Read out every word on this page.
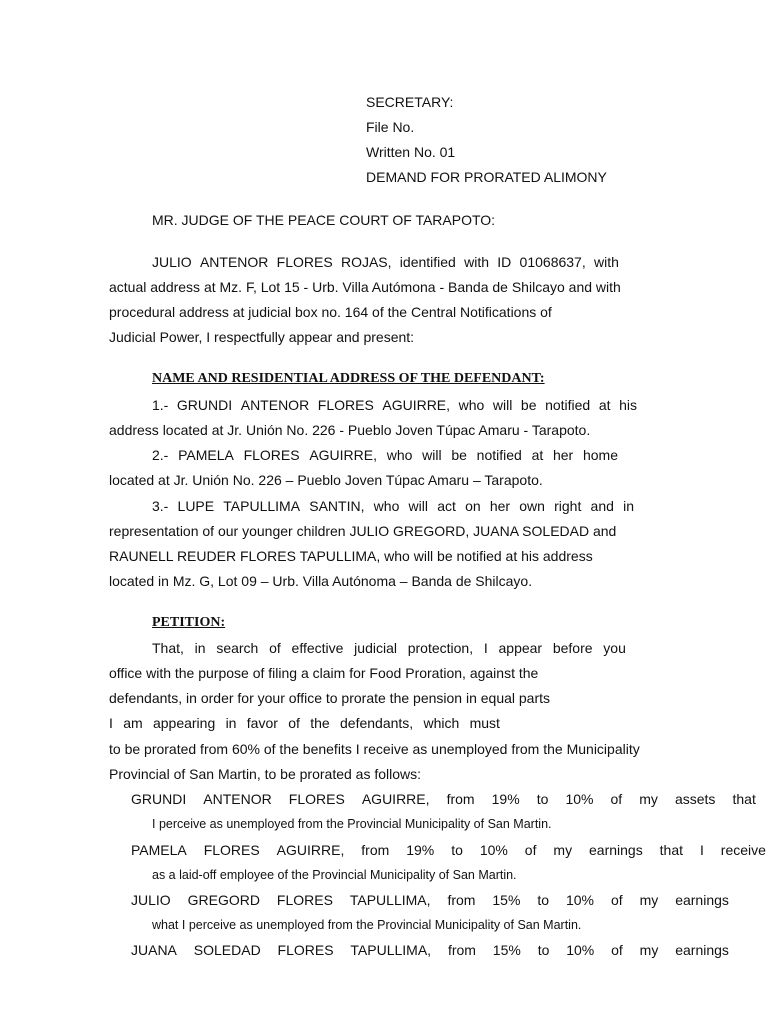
SECRETARY:
File No.
Written No. 01
DEMAND FOR PRORATED ALIMONY
MR. JUDGE OF THE PEACE COURT OF TARAPOTO:
JULIO ANTENOR FLORES ROJAS, identified with ID 01068637, with
actual address at Mz. F, Lot 15 - Urb. Villa Autómona - Banda de Shilcayo and with
procedural address at judicial box no. 164 of the Central Notifications of
Judicial Power, I respectfully appear and present:
NAME AND RESIDENTIAL ADDRESS OF THE DEFENDANT:
1.- GRUNDI ANTENOR FLORES AGUIRRE, who will be notified at his
address located at Jr. Unión No. 226 - Pueblo Joven Túpac Amaru - Tarapoto.
2.- PAMELA FLORES AGUIRRE, who will be notified at her home
located at Jr. Unión No. 226 – Pueblo Joven Túpac Amaru – Tarapoto.
3.- LUPE TAPULLIMA SANTIN, who will act on her own right and in
representation of our younger children JULIO GREGORD, JUANA SOLEDAD and
RAUNELL REUDER FLORES TAPULLIMA, who will be notified at his address
located in Mz. G, Lot 09 – Urb. Villa Autónoma – Banda de Shilcayo.
PETITION:
That, in search of effective judicial protection, I appear before you
office with the purpose of filing a claim for Food Proration, against the
defendants, in order for your office to prorate the pension in equal parts
I am appearing in favor of the defendants, which must
to be prorated from 60% of the benefits I receive as unemployed from the Municipality
Provincial of San Martin, to be prorated as follows:
GRUNDI ANTENOR FLORES AGUIRRE, from 19% to 10% of my assets that
I perceive as unemployed from the Provincial Municipality of San Martin.
PAMELA FLORES AGUIRRE, from 19% to 10% of my earnings that I receive
as a laid-off employee of the Provincial Municipality of San Martin.
JULIO GREGORD FLORES TAPULLIMA, from 15% to 10% of my earnings
what I perceive as unemployed from the Provincial Municipality of San Martin.
JUANA SOLEDAD FLORES TAPULLIMA, from 15% to 10% of my earnings
